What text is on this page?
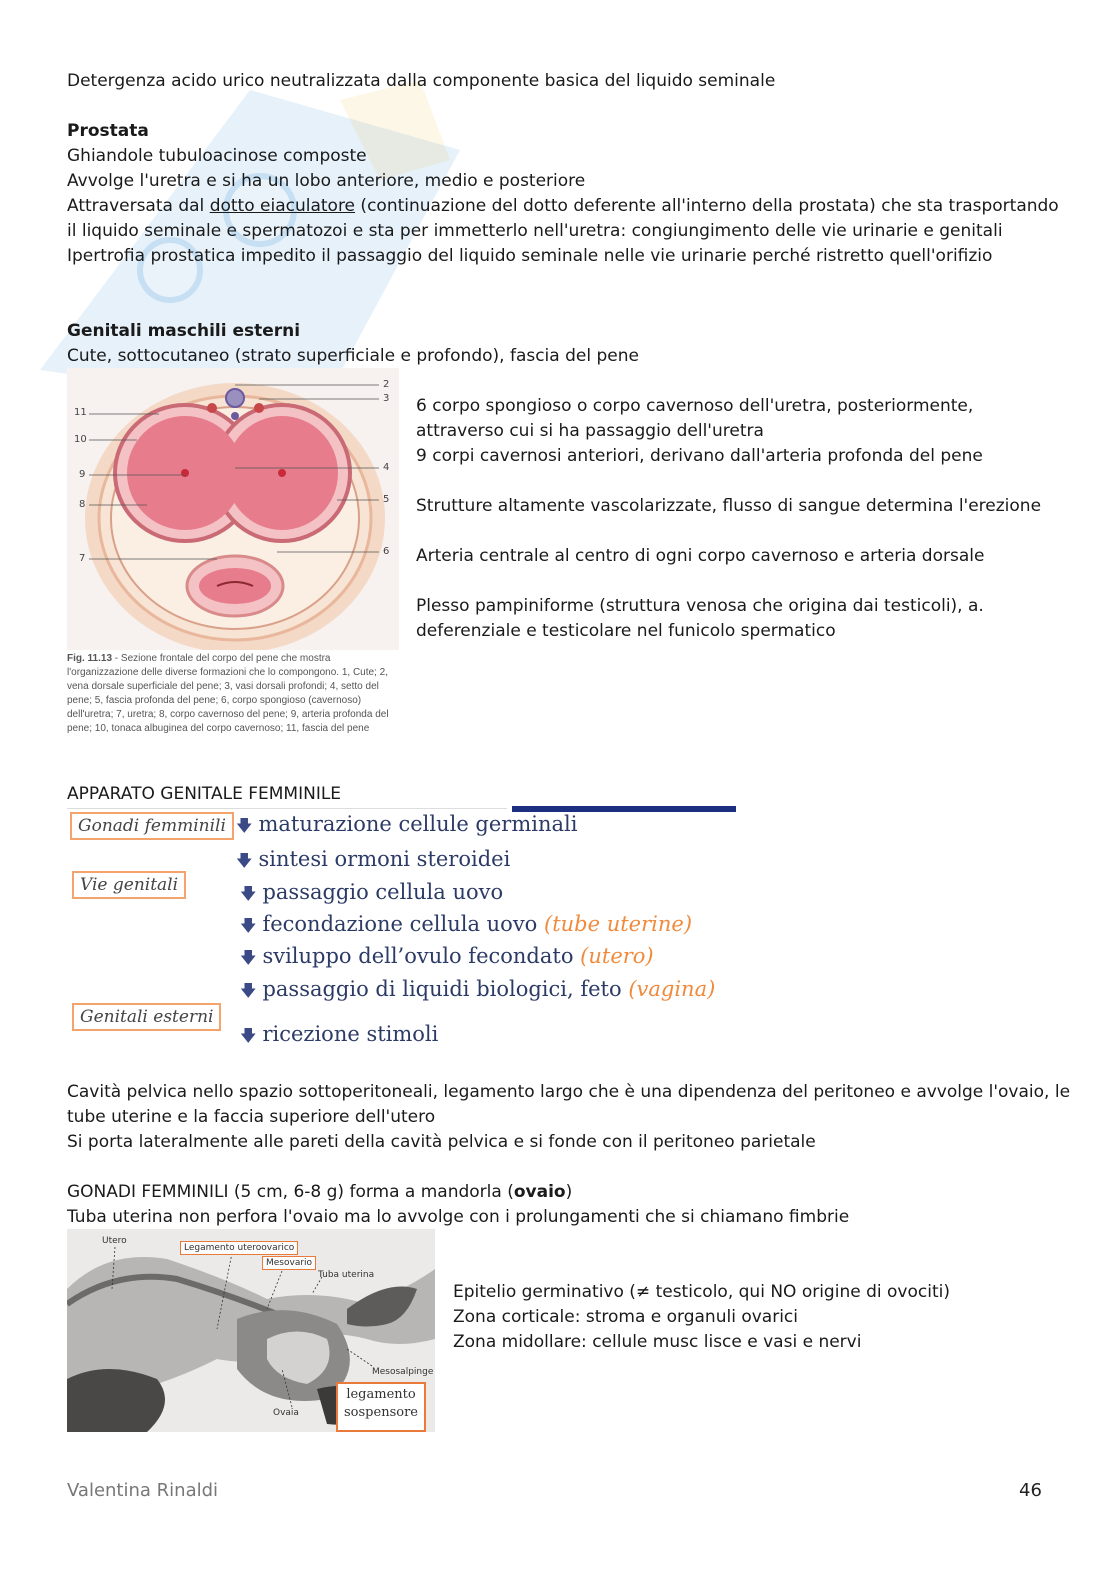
Detergenza acido urico neutralizzata dalla componente basica del liquido seminale
Prostata
Ghiandole tubuloacinose composte
Avvolge l'uretra e si ha un lobo anteriore, medio e posteriore
Attraversata dal dotto eiaculatore (continuazione del dotto deferente all'interno della prostata) che sta trasportando
il liquido seminale e spermatozoi e sta per immetterlo nell'uretra: congiungimento delle vie urinarie e genitali
Ipertrofia prostatica impedito il passaggio del liquido seminale nelle vie urinarie perché ristretto quell'orifizio
Genitali maschili esterni
Cute, sottocutaneo (strato superficiale e profondo), fascia del pene
11
10
9
8
7
2
3
4
5
6
Fig. 11.13 - Sezione frontale del corpo del pene che mostra l'organizzazione delle diverse formazioni che lo compongono. 1, Cute; 2, vena dorsale superficiale del pene; 3, vasi dorsali profondi; 4, setto del pene; 5, fascia profonda del pene; 6, corpo spongioso (cavernoso) dell'uretra; 7, uretra; 8, corpo cavernoso del pene; 9, arteria profonda del pene; 10, tonaca albuginea del corpo cavernoso; 11, fascia del pene
6 corpo spongioso o corpo cavernoso dell'uretra, posteriormente,
attraverso cui si ha passaggio dell'uretra
9 corpi cavernosi anteriori, derivano dall'arteria profonda del pene
Strutture altamente vascolarizzate, flusso di sangue determina l'erezione
Arteria centrale al centro di ogni corpo cavernoso e arteria dorsale
Plesso pampiniforme (struttura venosa che origina dai testicoli), a.
deferenziale e testicolare nel funicolo spermatico
APPARATO GENITALE FEMMINILE
Gonadi femminili
Vie genitali
Genitali esterni
🡇 maturazione cellule germinali
🡇 sintesi ormoni steroidei
🡇 passaggio cellula uovo
🡇 fecondazione cellula uovo (tube uterine)
🡇 sviluppo dell’ovulo fecondato (utero)
🡇 passaggio di liquidi biologici, feto (vagina)
🡇 ricezione stimoli
Cavità pelvica nello spazio sottoperitoneali, legamento largo che è una dipendenza del peritoneo e avvolge l'ovaio, le
tube uterine e la faccia superiore dell'utero
Si porta lateralmente alle pareti della cavità pelvica e si fonde con il peritoneo parietale
GONADI FEMMINILI (5 cm, 6-8 g) forma a mandorla (ovaio)
Tuba uterina non perfora l'ovaio ma lo avvolge con i prolungamenti che si chiamano fimbrie
Utero
Legamento uteroovarico
Mesovario
Tuba uterina
Mesosalpinge
Ovaia
legamento
sospensore
Epitelio germinativo (≠ testicolo, qui NO origine di ovociti)
Zona corticale: stroma e organuli ovarici
Zona midollare: cellule musc lisce e vasi e nervi
Valentina Rinaldi	46
